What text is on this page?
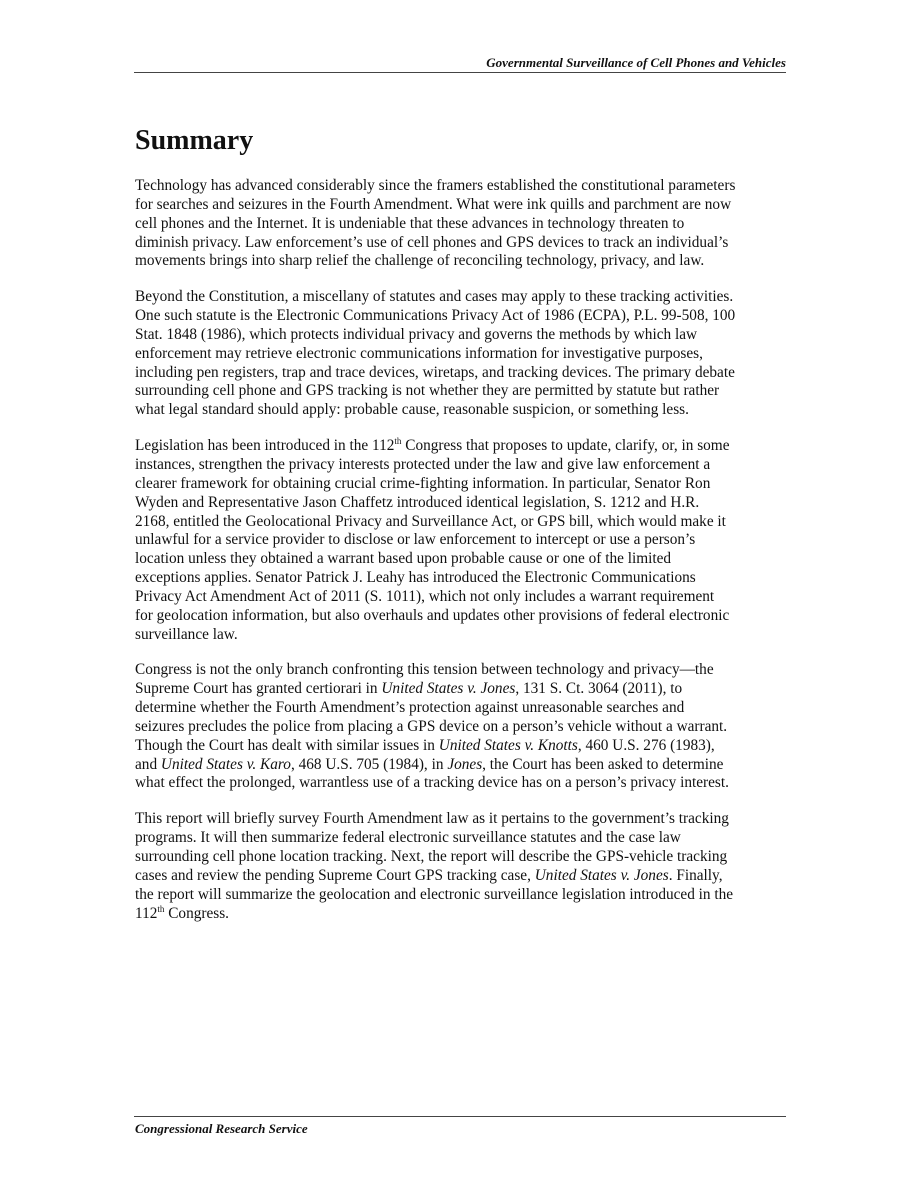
Governmental Surveillance of Cell Phones and Vehicles
Summary

Technology has advanced considerably since the framers established the constitutional parameters
for searches and seizures in the Fourth Amendment. What were ink quills and parchment are now
cell phones and the Internet. It is undeniable that these advances in technology threaten to
diminish privacy. Law enforcement’s use of cell phones and GPS devices to track an individual’s
movements brings into sharp relief the challenge of reconciling technology, privacy, and law.

Beyond the Constitution, a miscellany of statutes and cases may apply to these tracking activities.
One such statute is the Electronic Communications Privacy Act of 1986 (ECPA), P.L. 99-508, 100
Stat. 1848 (1986), which protects individual privacy and governs the methods by which law
enforcement may retrieve electronic communications information for investigative purposes,
including pen registers, trap and trace devices, wiretaps, and tracking devices. The primary debate
surrounding cell phone and GPS tracking is not whether they are permitted by statute but rather
what legal standard should apply: probable cause, reasonable suspicion, or something less.

Legislation has been introduced in the 112th Congress that proposes to update, clarify, or, in some
instances, strengthen the privacy interests protected under the law and give law enforcement a
clearer framework for obtaining crucial crime-fighting information. In particular, Senator Ron
Wyden and Representative Jason Chaffetz introduced identical legislation, S. 1212 and H.R.
2168, entitled the Geolocational Privacy and Surveillance Act, or GPS bill, which would make it
unlawful for a service provider to disclose or law enforcement to intercept or use a person’s
location unless they obtained a warrant based upon probable cause or one of the limited
exceptions applies. Senator Patrick J. Leahy has introduced the Electronic Communications
Privacy Act Amendment Act of 2011 (S. 1011), which not only includes a warrant requirement
for geolocation information, but also overhauls and updates other provisions of federal electronic
surveillance law.

Congress is not the only branch confronting this tension between technology and privacy—the
Supreme Court has granted certiorari in United States v. Jones, 131 S. Ct. 3064 (2011), to
determine whether the Fourth Amendment’s protection against unreasonable searches and
seizures precludes the police from placing a GPS device on a person’s vehicle without a warrant.
Though the Court has dealt with similar issues in United States v. Knotts, 460 U.S. 276 (1983),
and United States v. Karo, 468 U.S. 705 (1984), in Jones, the Court has been asked to determine
what effect the prolonged, warrantless use of a tracking device has on a person’s privacy interest.

This report will briefly survey Fourth Amendment law as it pertains to the government’s tracking
programs. It will then summarize federal electronic surveillance statutes and the case law
surrounding cell phone location tracking. Next, the report will describe the GPS-vehicle tracking
cases and review the pending Supreme Court GPS tracking case, United States v. Jones. Finally,
the report will summarize the geolocation and electronic surveillance legislation introduced in the
112th Congress.

Congressional Research Service
